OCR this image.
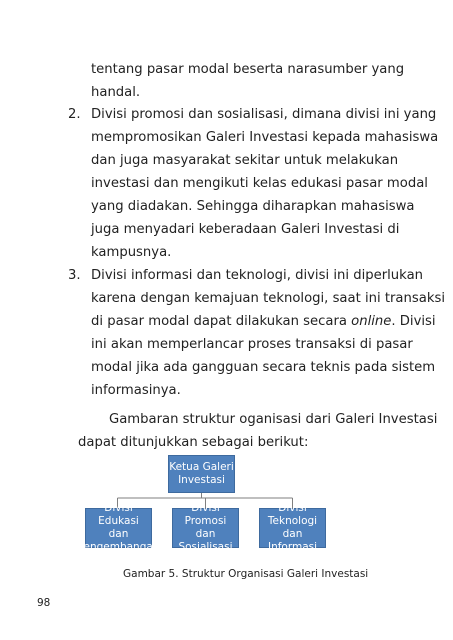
tentang pasar modal beserta narasumber yang
handal.
2. Divisi promosi dan sosialisasi, dimana divisi ini yang
mempromosikan Galeri Investasi kepada mahasiswa
dan juga masyarakat sekitar untuk melakukan
investasi dan mengikuti kelas edukasi pasar modal
yang diadakan. Sehingga diharapkan mahasiswa
juga menyadari keberadaan Galeri Investasi di
kampusnya.
3. Divisi informasi dan teknologi, divisi ini diperlukan
karena dengan kemajuan teknologi, saat ini transaksi
di pasar modal dapat dilakukan secara online. Divisi
ini akan memperlancar proses transaksi di pasar
modal jika ada gangguan secara teknis pada sistem
informasinya.
Gambaran struktur oganisasi dari Galeri Investasi
dapat ditunjukkan sebagai berikut:
Ketua Galeri
Investasi
Divisi Edukasi
dan
Pengembangan
Divisi Promosi
dan Sosialisasi
Divisi Teknologi
dan Informasi
Gambar 5. Struktur Organisasi Galeri Investasi
98
